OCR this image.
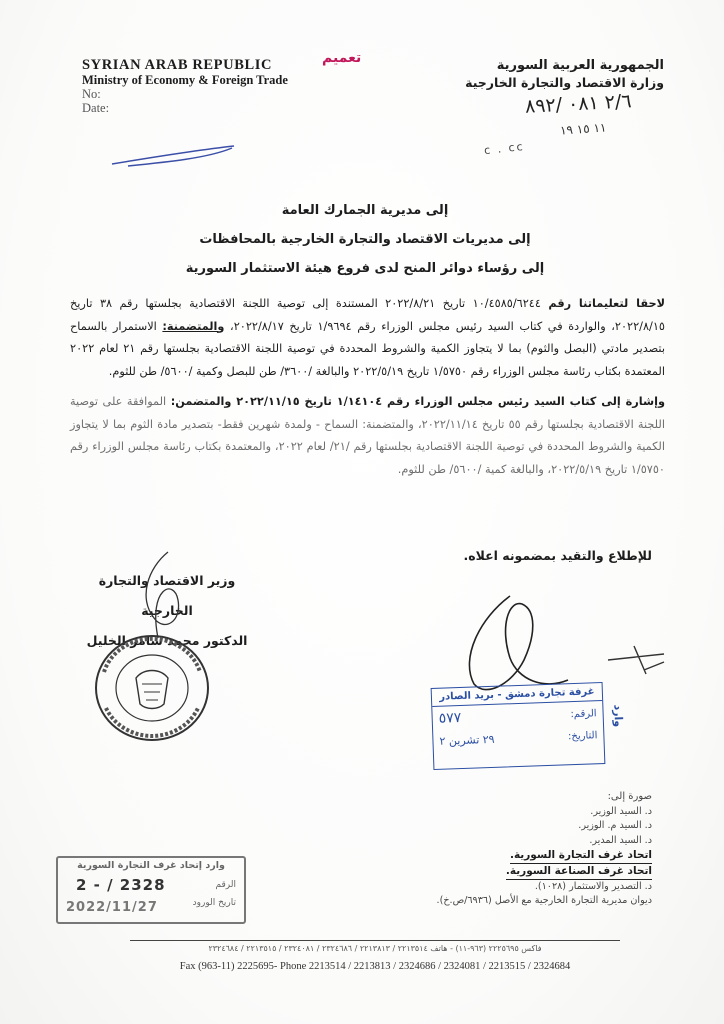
SYRIAN ARAB REPUBLIC
Ministry of Economy & Foreign Trade
No:
Date:
تعميم	الجمهورية العربية السورية
وزارة الاقتصاد والتجارة الخارجية
٢/٦ ٠٨١ /٨٩٢
١١ ١٥ ١٩
c . cc
إلى مديرية الجمارك العامة
إلى مديريات الاقتصاد والتجارة الخارجية بالمحافظات
إلى رؤساء دوائر المنح لدى فروع هيئة الاستثمار السورية

لاحقا لتعليماتنا رقم ١٠/٤٥٨٥/٦٢٤٤ تاريخ ٢٠٢٢/٨/٢١ المستندة إلى توصية اللجنة الاقتصادية بجلستها رقم ٣٨ تاريخ ٢٠٢٢/٨/١٥، والواردة في كتاب السيد رئيس مجلس الوزراء رقم ١/٩٦٩٤ تاريخ ٢٠٢٢/٨/١٧، والمتضمنة: الاستمرار بالسماح بتصدير مادتي (البصل والثوم) بما لا يتجاوز الكمية والشروط المحددة في توصية اللجنة الاقتصادية بجلستها رقم ٢١ لعام ٢٠٢٢ المعتمدة بكتاب رئاسة مجلس الوزراء رقم ١/٥٧٥٠ تاريخ ٢٠٢٢/٥/١٩ والبالغة /٣٦٠٠/ طن للبصل وكمية /٥٦٠٠/ طن للثوم.

وإشارة إلى كتاب السيد رئيس مجلس الوزراء رقم ١/١٤١٠٤ تاريخ ٢٠٢٢/١١/١٥ والمتضمن: الموافقة على توصية اللجنة الاقتصادية بجلستها رقم ٥٥ تاريخ ٢٠٢٢/١١/١٤، والمتضمنة: السماح - ولمدة شهرين فقط- بتصدير مادة الثوم بما لا يتجاوز الكمية والشروط المحددة في توصية اللجنة الاقتصادية بجلستها رقم /٢١/ لعام ٢٠٢٢، والمعتمدة بكتاب رئاسة مجلس الوزراء رقم ١/٥٧٥٠ تاريخ ٢٠٢٢/٥/١٩، والبالغة كمية /٥٦٠٠/ طن للثوم.

للإطلاع والتقيد بمضمونه اعلاه.
وزير الاقتصاد والتجارة الخارجية
الدكتور محمد سامر الخليل
غرفة تجارة دمشق - بريد الصادر
الرقم:
٥٧٧
التاريخ:
٢٩ تشرين ٢
وارد
صورة إلى:
د. السيد الوزير.
د. السيد م. الوزير.
د. السيد المدير.
اتحاد غرف التجارة السورية.
اتحاد غرف الصناعة السورية.
د. التصدير والاستثمار (١٠٢٨).
ديوان مديرية التجارة الخارجية مع الأصل (٦٩٣٦/ص.خ).
وارد إتحاد غرف التجارة السورية
الرقم
2 - / 2328
تاريخ الورود
2022/11/27
فاكس ٢٢٢٥٦٩٥ (٩٦٣-١١) - هاتف ٢٢١٣٥١٤ / ٢٢١٣٨١٣ / ٢٣٢٤٦٨٦ / ٢٣٢٤٠٨١ / ٢٢١٣٥١٥ / ٢٣٢٤٦٨٤
Fax (963-11) 2225695- Phone 2213514 / 2213813 / 2324686 / 2324081 / 2213515 / 2324684
